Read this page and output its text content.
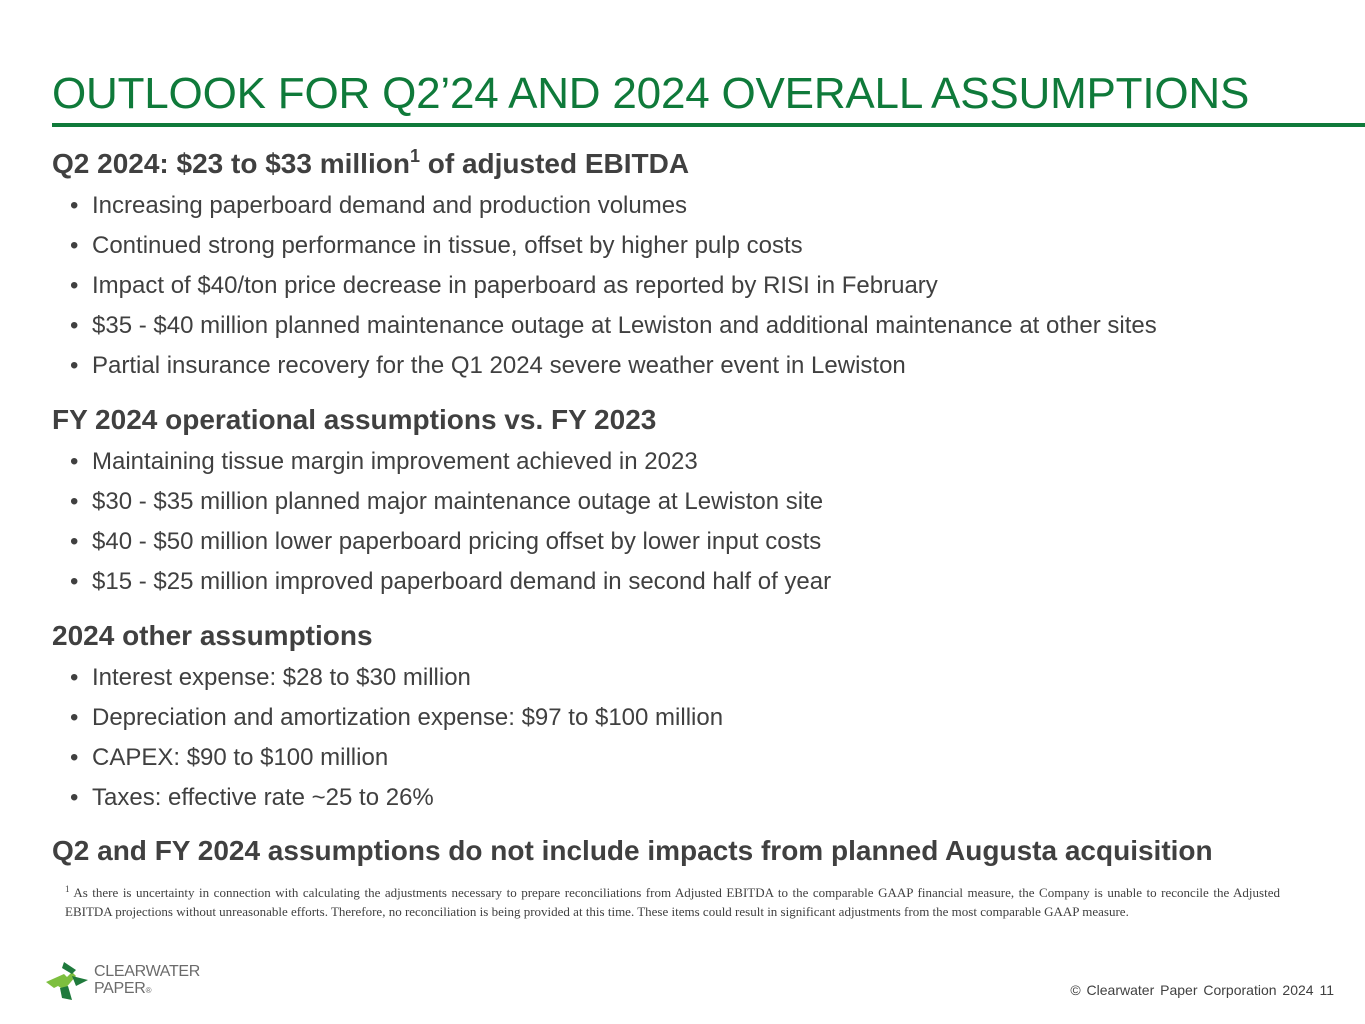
OUTLOOK FOR Q2’24 AND 2024 OVERALL ASSUMPTIONS
Q2 2024: $23 to $33 million$^1$ of adjusted EBITDA
• Increasing paperboard demand and production volumes
• Continued strong performance in tissue, offset by higher pulp costs
• Impact of $40/ton price decrease in paperboard as reported by RISI in February
• $35 - $40 million planned maintenance outage at Lewiston and additional maintenance at other sites
• Partial insurance recovery for the Q1 2024 severe weather event in Lewiston
FY 2024 operational assumptions vs. FY 2023
• Maintaining tissue margin improvement achieved in 2023
• $30 - $35 million planned major maintenance outage at Lewiston site
• $40 - $50 million lower paperboard pricing offset by lower input costs
• $15 - $25 million improved paperboard demand in second half of year
2024 other assumptions
• Interest expense: $28 to $30 million
• Depreciation and amortization expense: $97 to $100 million
• CAPEX: $90 to $100 million
• Taxes: effective rate ~25 to 26%
Q2 and FY 2024 assumptions do not include impacts from planned Augusta acquisition
$^1$ As there is uncertainty in connection with calculating the adjustments necessary to prepare reconciliations from Adjusted EBITDA to the comparable GAAP financial measure, the Company is unable to reconcile the Adjusted EBITDA projections without unreasonable efforts. Therefore, no reconciliation is being provided at this time. These items could result in significant adjustments from the most comparable GAAP measure.
CLEARWATER
PAPER®	© Clearwater Paper Corporation 2024 11
